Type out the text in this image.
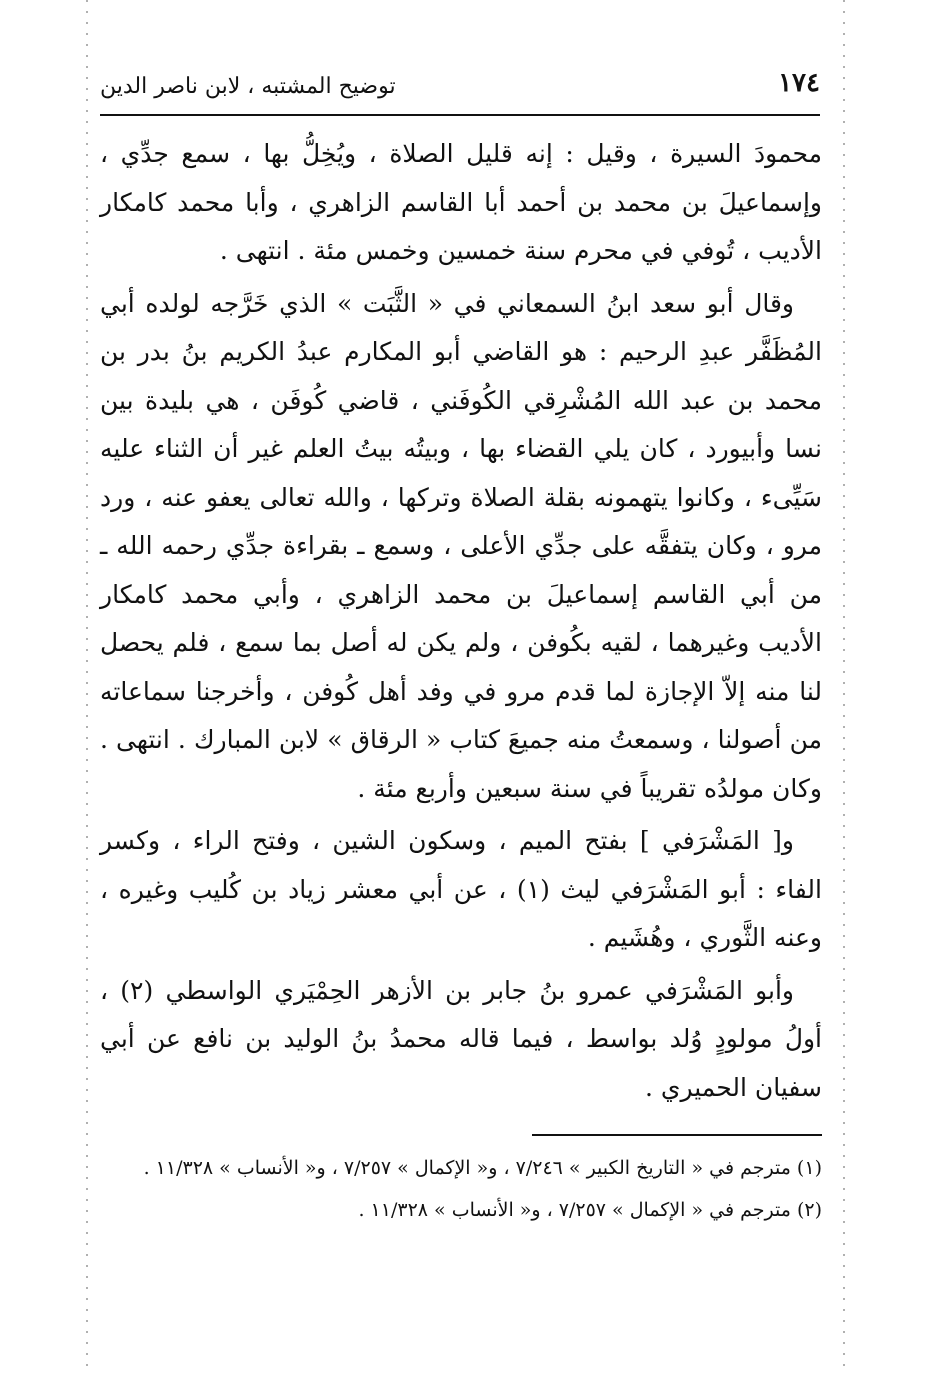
١٧٤
توضيح المشتبه ، لابن ناصر الدين

محمودَ السيرة ، وقيل : إنه قليل الصلاة ، ويُخِلُّ بها ، سمع جدِّي ، وإسماعيلَ بن محمد بن أحمد أبا القاسم الزاهري ، وأبا محمد كامكار الأديب ، تُوفي في محرم سنة خمسين وخمس مئة . انتهى .

وقال أبو سعد ابنُ السمعاني في « الثَّبَت » الذي خَرَّجه لولده أبي المُظَفَّر عبدِ الرحيم : هو القاضي أبو المكارم عبدُ الكريم بنُ بدر بن محمد بن عبد الله المُشْرِقي الكُوفَني ، قاضي كُوفَن ، هي بليدة بين نسا وأبيورد ، كان يلي القضاء بها ، وبيتُه بيتُ العلم غير أن الثناء عليه سَيِّىء ، وكانوا يتهمونه بقلة الصلاة وتركها ، والله تعالى يعفو عنه ، ورد مرو ، وكان يتفقَّه على جدِّي الأعلى ، وسمع ـ بقراءة جدِّي رحمه الله ـ من أبي القاسم إسماعيلَ بن محمد الزاهري ، وأبي محمد كامكار الأديب وغيرهما ، لقيه بكُوفن ، ولم يكن له أصل بما سمع ، فلم يحصل لنا منه إلاّ الإجازة لما قدم مرو في وفد أهل كُوفن ، وأخرجنا سماعاته من أصولنا ، وسمعتُ منه جميعَ كتاب « الرقاق » لابن المبارك . انتهى . وكان مولدُه تقريباً في سنة سبعين وأربع مئة .

و[ المَشْرَفي ] بفتح الميم ، وسكون الشين ، وفتح الراء ، وكسر الفاء : أبو المَشْرَفي ليث (١) ، عن أبي معشر زياد بن كُليب وغيره ، وعنه الثَّوري ، وهُشَيم .

وأبو المَشْرَفي عمرو بنُ جابر بن الأزهر الحِمْيَري الواسطي (٢) ، أولُ مولودٍ وُلد بواسط ، فيما قاله محمدُ بنُ الوليد بن نافع عن أبي سفيان الحميري .

(١) مترجم في « التاريخ الكبير » ٧/٢٤٦ ، و« الإكمال » ٧/٢٥٧ ، و« الأنساب » ١١/٣٢٨ .

(٢) مترجم في « الإكمال » ٧/٢٥٧ ، و« الأنساب » ١١/٣٢٨ .
